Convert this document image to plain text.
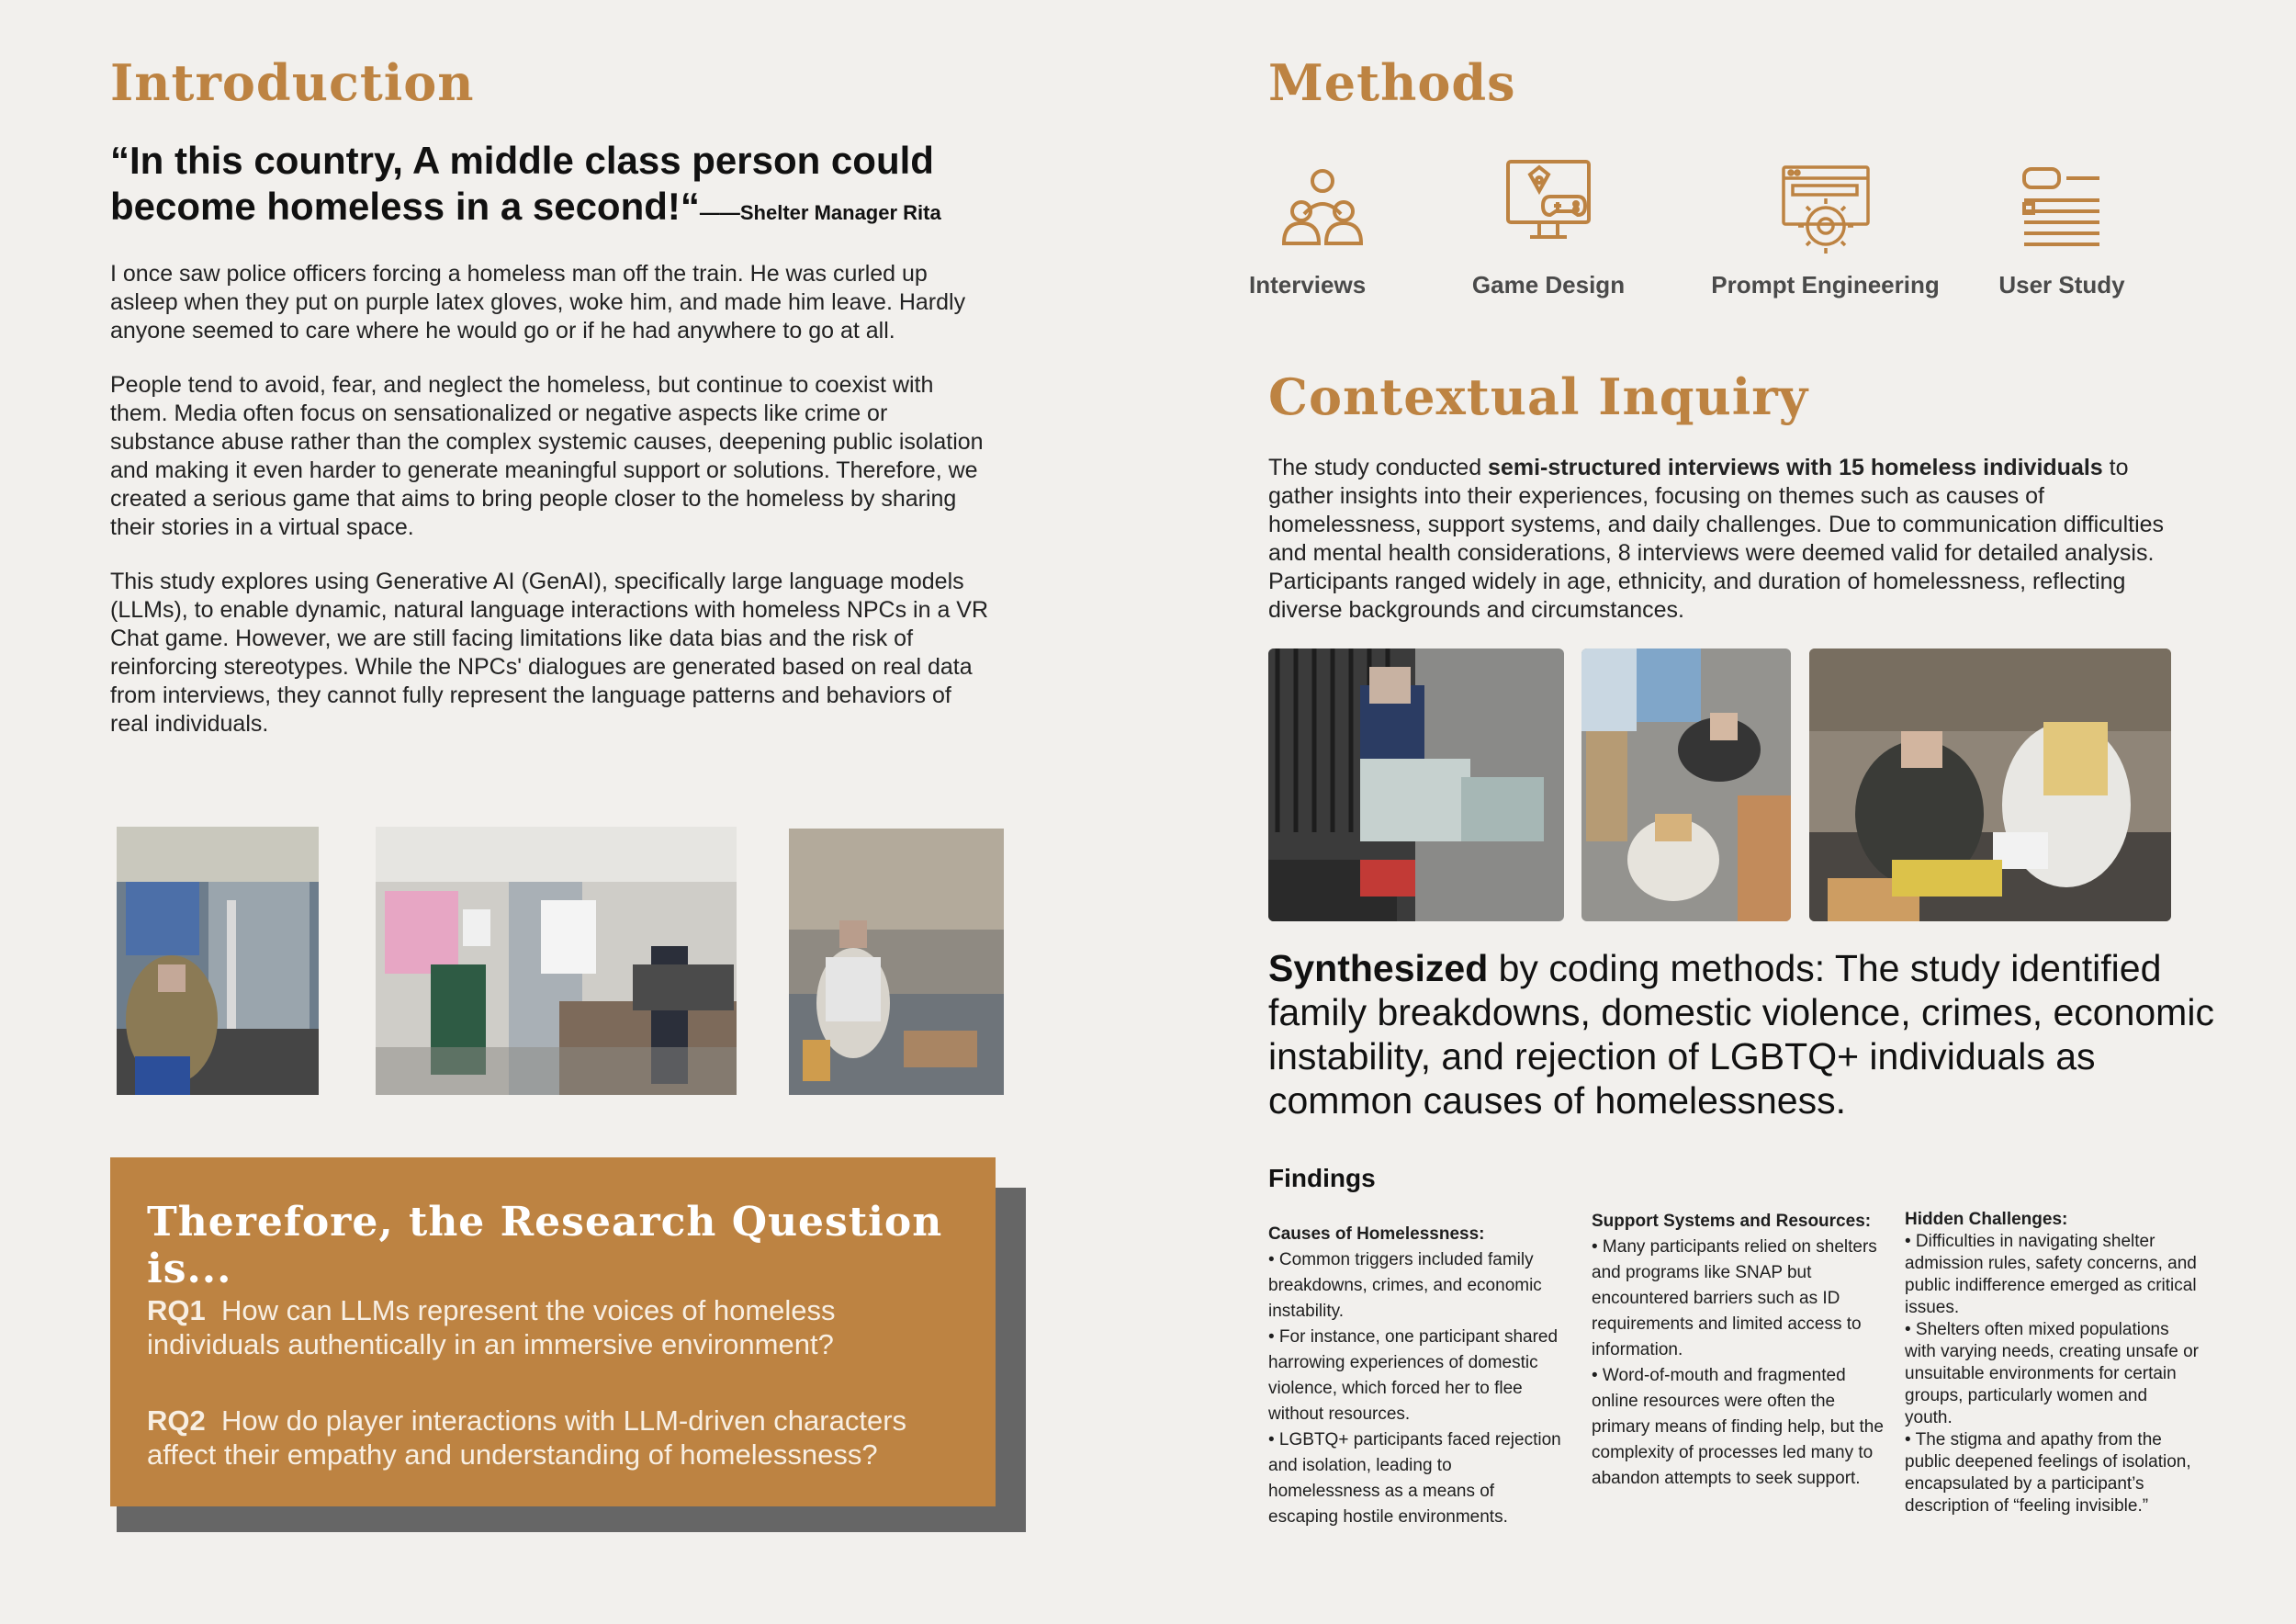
Introduction
“In this country, A middle class person could become homeless in a second!“——Shelter Manager Rita

I once saw police officers forcing a homeless man off the train. He was curled up asleep when they put on purple latex gloves, woke him, and made him leave. Hardly anyone seemed to care where he would go or if he had anywhere to go at all.

People tend to avoid, fear, and neglect the homeless, but continue to coexist with them. Media often focus on sensationalized or negative aspects like crime or substance abuse rather than the complex systemic causes, deepening public isolation and making it even harder to generate meaningful support or solutions. Therefore, we created a serious game that aims to bring people closer to the homeless by sharing their stories in a virtual space.

This study explores using Generative AI (GenAI), specifically large language models (LLMs), to enable dynamic, natural language interactions with homeless NPCs in a VR Chat game. However, we are still facing limitations like data bias and the risk of reinforcing stereotypes. While the NPCs' dialogues are generated based on real data from interviews, they cannot fully represent the language patterns and behaviors of real individuals.

Therefore, the Research Question is...
RQ1 How can LLMs represent the voices of homeless individuals authentically in an immersive environment?
RQ2 How do player interactions with LLM-driven characters affect their empathy and understanding of homelessness?
Methods
Interviews	Game Design	Prompt Engineering	User Study
Contextual Inquiry
The study conducted semi-structured interviews with 15 homeless individuals to gather insights into their experiences, focusing on themes such as causes of homelessness, support systems, and daily challenges. Due to communication difficulties and mental health considerations, 8 interviews were deemed valid for detailed analysis. Participants ranged widely in age, ethnicity, and duration of homelessness, reflecting diverse backgrounds and circumstances.
Synthesized by coding methods: The study identified family breakdowns, domestic violence, crimes, economic instability, and rejection of LGBTQ+ individuals as common causes of homelessness.
Findings
Causes of Homelessness:
• Common triggers included family breakdowns, crimes, and economic instability.
• For instance, one participant shared harrowing experiences of domestic violence, which forced her to flee without resources.
• LGBTQ+ participants faced rejection and isolation, leading to homelessness as a means of escaping hostile environments.
Support Systems and Resources:
• Many participants relied on shelters and programs like SNAP but encountered barriers such as ID requirements and limited access to information.
• Word-of-mouth and fragmented online resources were often the primary means of finding help, but the complexity of processes led many to abandon attempts to seek support.
Hidden Challenges:
• Difficulties in navigating shelter admission rules, safety concerns, and public indifference emerged as critical issues.
• Shelters often mixed populations with varying needs, creating unsafe or unsuitable environments for certain groups, particularly women and youth.
• The stigma and apathy from the public deepened feelings of isolation, encapsulated by a participant’s description of “feeling invisible.”
